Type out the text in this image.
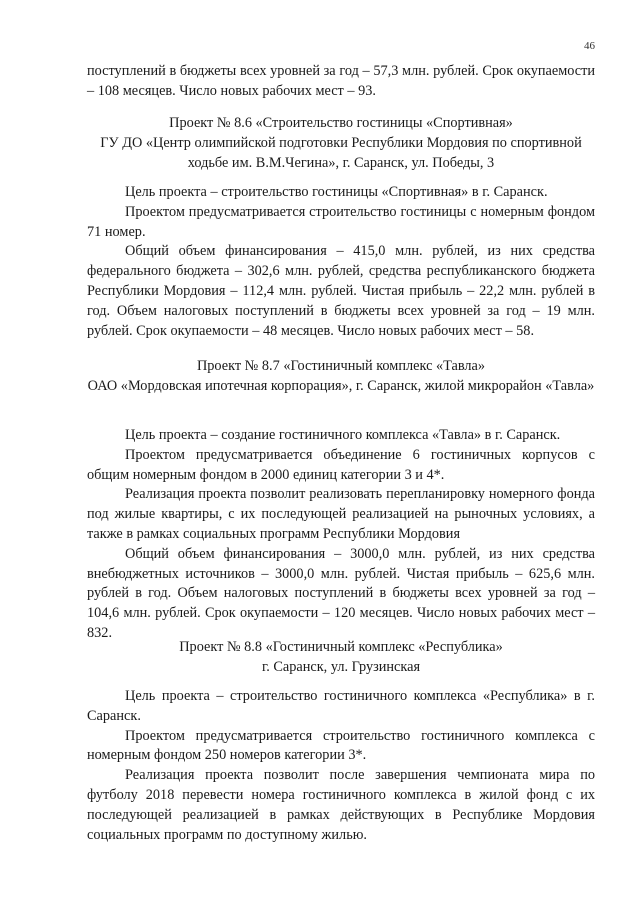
46

поступлений в бюджеты всех уровней за год – 57,3 млн. рублей. Срок окупаемости – 108 месяцев. Число новых рабочих мест – 93.

Проект № 8.6 «Строительство гостиницы «Спортивная»

ГУ ДО «Центр олимпийской подготовки Республики Мордовия по спортивной ходьбе им. В.М.Чегина», г. Саранск, ул. Победы, 3

Цель проекта – строительство гостиницы «Спортивная» в г. Саранск.

Проектом предусматривается строительство гостиницы с номерным фондом 71 номер.

Общий объем финансирования – 415,0 млн. рублей, из них средства федерального бюджета – 302,6 млн. рублей, средства республиканского бюджета Республики Мордовия – 112,4 млн. рублей. Чистая прибыль – 22,2 млн. рублей в год. Объем налоговых поступлений в бюджеты всех уровней за год – 19 млн. рублей. Срок окупаемости – 48 месяцев. Число новых рабочих мест – 58.

Проект № 8.7 «Гостиничный комплекс «Тавла»

ОАО «Мордовская ипотечная корпорация», г. Саранск, жилой микрорайон «Тавла»

Цель проекта – создание гостиничного комплекса «Тавла» в г. Саранск.

Проектом предусматривается объединение 6 гостиничных корпусов с общим номерным фондом в 2000 единиц категории 3 и 4*.

Реализация проекта позволит реализовать перепланировку номерного фонда под жилые квартиры, с их последующей реализацией на рыночных условиях, а также в рамках социальных программ Республики Мордовия

Общий объем финансирования – 3000,0 млн. рублей, из них средства внебюджетных источников – 3000,0 млн. рублей. Чистая прибыль – 625,6 млн. рублей в год. Объем налоговых поступлений в бюджеты всех уровней за год – 104,6 млн. рублей. Срок окупаемости – 120 месяцев. Число новых рабочих мест – 832.

Проект № 8.8 «Гостиничный комплекс «Республика»

г. Саранск, ул. Грузинская

Цель проекта – строительство гостиничного комплекса «Республика» в г. Саранск.

Проектом предусматривается строительство гостиничного комплекса с номерным фондом 250 номеров категории 3*.

Реализация проекта позволит после завершения чемпионата мира по футболу 2018 перевести номера гостиничного комплекса в жилой фонд с их последующей реализацией в рамках действующих в Республике Мордовия социальных программ по доступному жилью.
